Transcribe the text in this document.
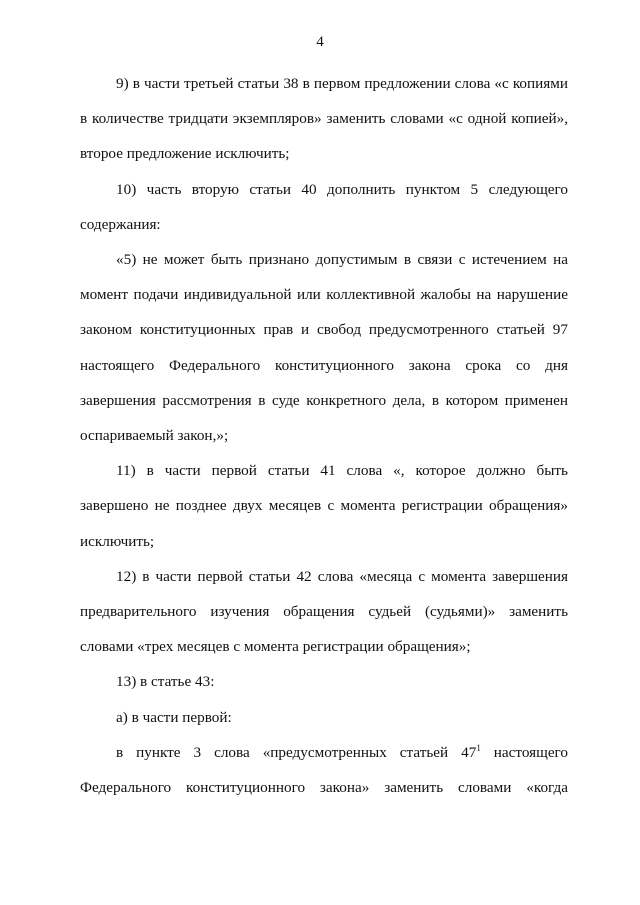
4
9) в части третьей статьи 38 в первом предложении слова «с копиями
в количестве тридцати экземпляров» заменить словами «с одной копией»,
второе предложение исключить;
10) часть вторую статьи 40 дополнить пунктом 5 следующего
содержания:
«5) не может быть признано допустимым в связи с истечением на
момент подачи индивидуальной или коллективной жалобы на нарушение
законом конституционных прав и свобод предусмотренного статьей 97
настоящего Федерального конституционного закона срока со дня
завершения рассмотрения в суде конкретного дела, в котором применен
оспариваемый закон,»;
11) в части первой статьи 41 слова «, которое должно быть
завершено не позднее двух месяцев с момента регистрации обращения»
исключить;
12) в части первой статьи 42 слова «месяца с момента завершения
предварительного изучения обращения судьей (судьями)» заменить
словами «трех месяцев с момента регистрации обращения»;
13) в статье 43:
а) в части первой:
в пункте 3 слова «предусмотренных статьей 47$^1$ настоящего
Федерального конституционного закона» заменить словами «когда
